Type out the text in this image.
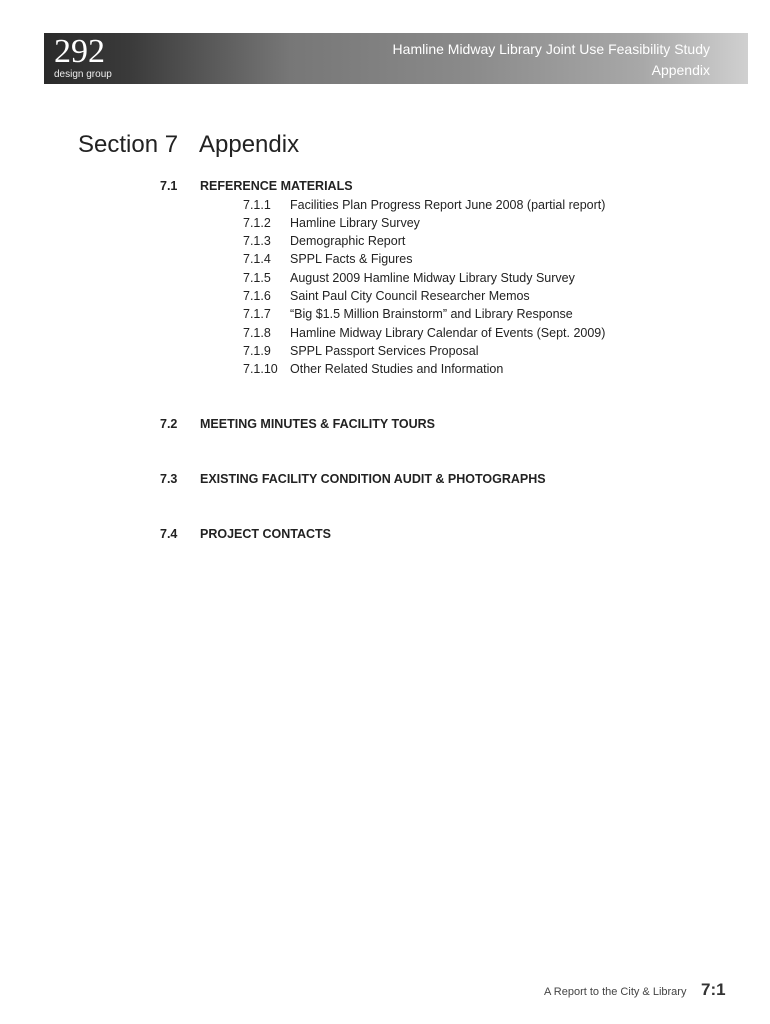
292
design group
Hamline Midway Library Joint Use Feasibility Study
Appendix
Section 7 Appendix
7.1 REFERENCE MATERIALS
7.1.1 Facilities Plan Progress Report June 2008 (partial report)
7.1.2 Hamline Library Survey
7.1.3 Demographic Report
7.1.4 SPPL Facts & Figures
7.1.5 August 2009 Hamline Midway Library Study Survey
7.1.6 Saint Paul City Council Researcher Memos
7.1.7 “Big $1.5 Million Brainstorm” and Library Response
7.1.8 Hamline Midway Library Calendar of Events (Sept. 2009)
7.1.9 SPPL Passport Services Proposal
7.1.10 Other Related Studies and Information
7.2 MEETING MINUTES & FACILITY TOURS
7.3 EXISTING FACILITY CONDITION AUDIT & PHOTOGRAPHS
7.4 PROJECT CONTACTS
A Report to the City & Library 7:1
